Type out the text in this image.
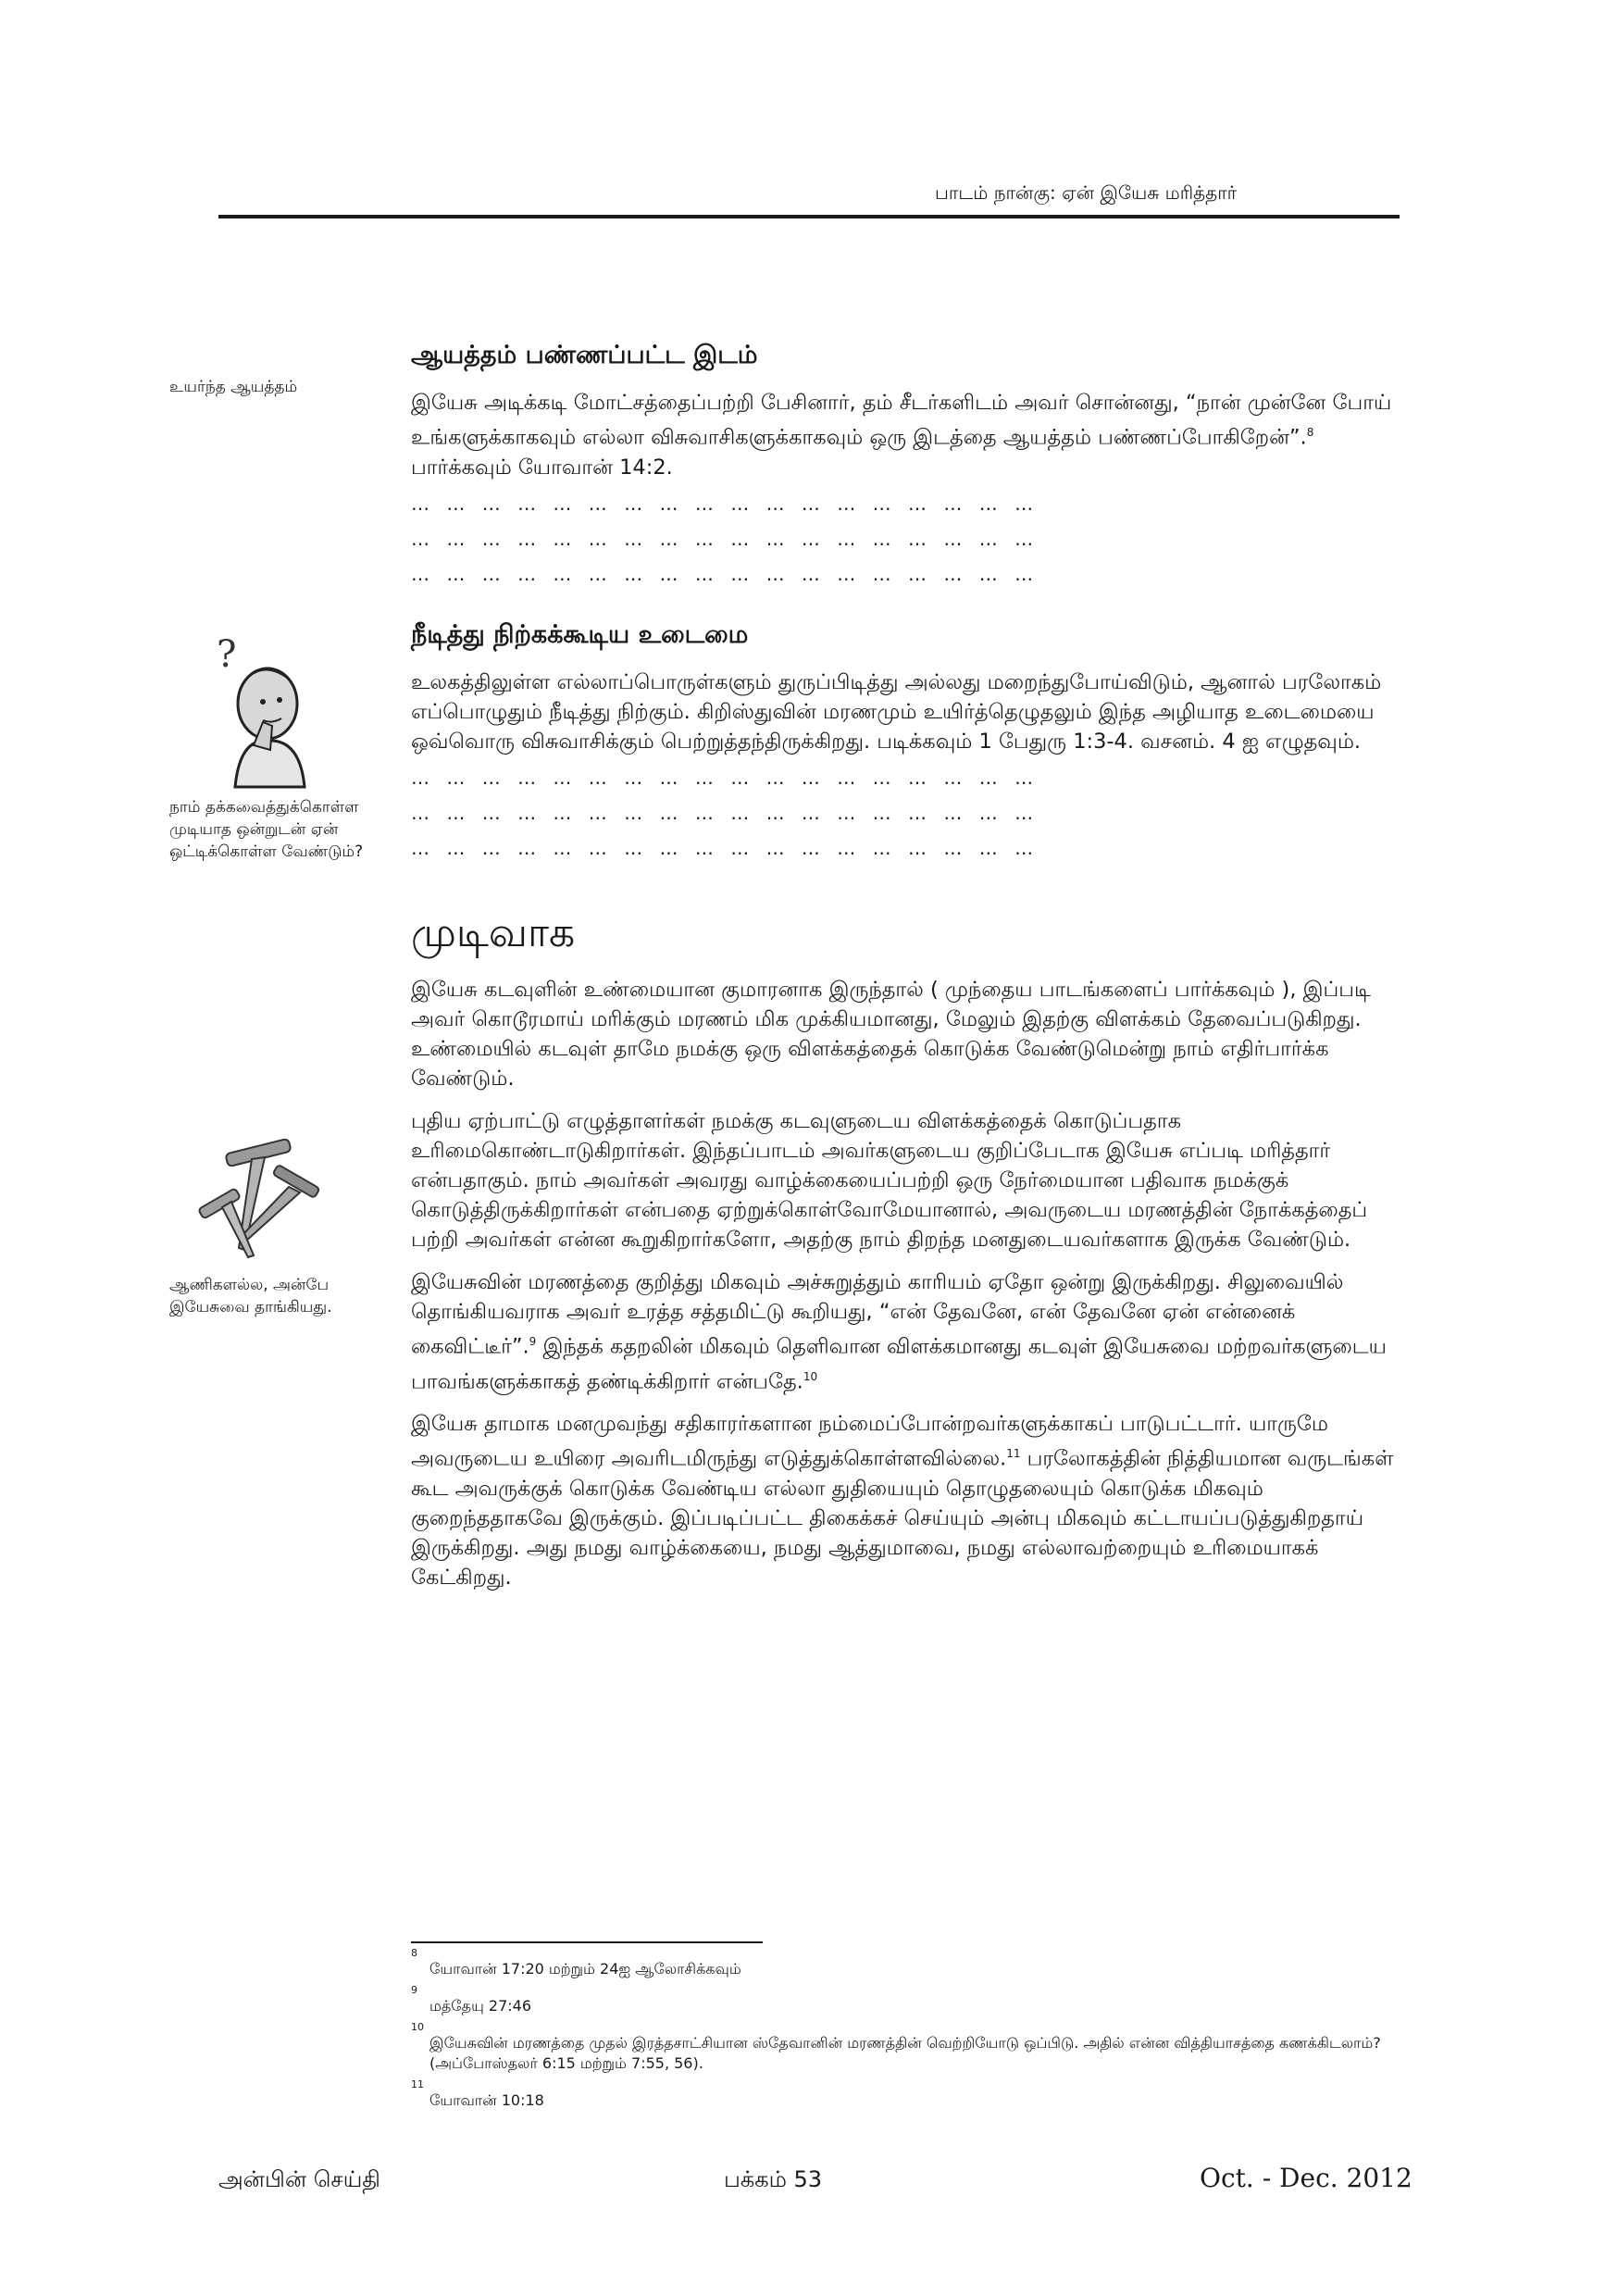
பாடம் நான்கு: ஏன் இயேசு மரித்தார்
உயர்ந்த ஆயத்தம்
ஆயத்தம் பண்ணப்பட்ட இடம்

இயேசு அடிக்கடி மோட்சத்தைப்பற்றி பேசினார், தம் சீடர்களிடம் அவர் சொன்னது, “நான் முன்னே போய் உங்களுக்காகவும் எல்லா விசுவாசிகளுக்காகவும் ஒரு இடத்தை ஆயத்தம் பண்ணப்போகிறேன்”.$^8$ பார்க்கவும் யோவான் 14:2.

… … … … … … … … … … … … … … … … … …

… … … … … … … … … … … … … … … … … …

… … … … … … … … … … … … … … … … … …

?
நாம் தக்கவைத்துக்கொள்ள முடியாத ஒன்றுடன் ஏன் ஒட்டிக்கொள்ள வேண்டும்?
நீடித்து நிற்கக்கூடிய உடைமை

உலகத்திலுள்ள எல்லாப்பொருள்களும் துருப்பிடித்து அல்லது மறைந்துபோய்விடும், ஆனால் பரலோகம் எப்பொழுதும் நீடித்து நிற்கும். கிறிஸ்துவின் மரணமும் உயிர்த்தெழுதலும் இந்த அழியாத உடைமையை ஒவ்வொரு விசுவாசிக்கும் பெற்றுத்தந்திருக்கிறது. படிக்கவும் 1 பேதுரு 1:3-4. வசனம். 4 ஐ எழுதவும்.

… … … … … … … … … … … … … … … … … …

… … … … … … … … … … … … … … … … … …

… … … … … … … … … … … … … … … … … …

ஆணிகளல்ல, அன்பே இயேசுவை தாங்கியது.
முடிவாக

இயேசு கடவுளின் உண்மையான குமாரனாக இருந்தால் ( முந்தைய பாடங்களைப் பார்க்கவும் ), இப்படி அவர் கொடூரமாய் மரிக்கும் மரணம் மிக முக்கியமானது, மேலும் இதற்கு விளக்கம் தேவைப்படுகிறது. உண்மையில் கடவுள் தாமே நமக்கு ஒரு விளக்கத்தைக் கொடுக்க வேண்டுமென்று நாம் எதிர்பார்க்க வேண்டும்.

புதிய ஏற்பாட்டு எழுத்தாளர்கள் நமக்கு கடவுளுடைய விளக்கத்தைக் கொடுப்பதாக உரிமைகொண்டாடுகிறார்கள். இந்தப்பாடம் அவர்களுடைய குறிப்பேடாக இயேசு எப்படி மரித்தார் என்பதாகும். நாம் அவர்கள் அவரது வாழ்க்கையைப்பற்றி ஒரு நேர்மையான பதிவாக நமக்குக் கொடுத்திருக்கிறார்கள் என்பதை ஏற்றுக்கொள்வோமேயானால், அவருடைய மரணத்தின் நோக்கத்தைப் பற்றி அவர்கள் என்ன கூறுகிறார்களோ, அதற்கு நாம் திறந்த மனதுடையவர்களாக இருக்க வேண்டும்.

இயேசுவின் மரணத்தை குறித்து மிகவும் அச்சுறுத்தும் காரியம் ஏதோ ஒன்று இருக்கிறது. சிலுவையில் தொங்கியவராக அவர் உரத்த சத்தமிட்டு கூறியது, “என் தேவனே, என் தேவனே ஏன் என்னைக் கைவிட்டீர்”.$^9$ இந்தக் கதறலின் மிகவும் தெளிவான விளக்கமானது கடவுள் இயேசுவை மற்றவர்களுடைய பாவங்களுக்காகத் தண்டிக்கிறார் என்பதே.$^{10}$

இயேசு தாமாக மனமுவந்து சதிகாரர்களான நம்மைப்போன்றவர்களுக்காகப் பாடுபட்டார். யாருமே அவருடைய உயிரை அவரிடமிருந்து எடுத்துக்கொள்ளவில்லை.$^{11}$ பரலோகத்தின் நித்தியமான வருடங்கள் கூட அவருக்குக் கொடுக்க வேண்டிய எல்லா துதியையும் தொழுதலையும் கொடுக்க மிகவும் குறைந்ததாகவே இருக்கும். இப்படிப்பட்ட திகைக்கச் செய்யும் அன்பு மிகவும் கட்டாயப்படுத்துகிறதாய் இருக்கிறது. அது நமது வாழ்க்கையை, நமது ஆத்துமாவை, நமது எல்லாவற்றையும் உரிமையாகக் கேட்கிறது.

8
யோவான் 17:20 மற்றும் 24ஐ ஆலோசிக்கவும்
9
மத்தேயு 27:46
10
இயேசுவின் மரணத்தை முதல் இரத்தசாட்சியான ஸ்தேவானின் மரணத்தின் வெற்றியோடு ஒப்பிடு. அதில் என்ன வித்தியாசத்தை கணக்கிடலாம்? (அப்போஸ்தலர் 6:15 மற்றும் 7:55, 56).
11
யோவான் 10:18
அன்பின் செய்தி	பக்கம் 53	Oct. - Dec. 2012
